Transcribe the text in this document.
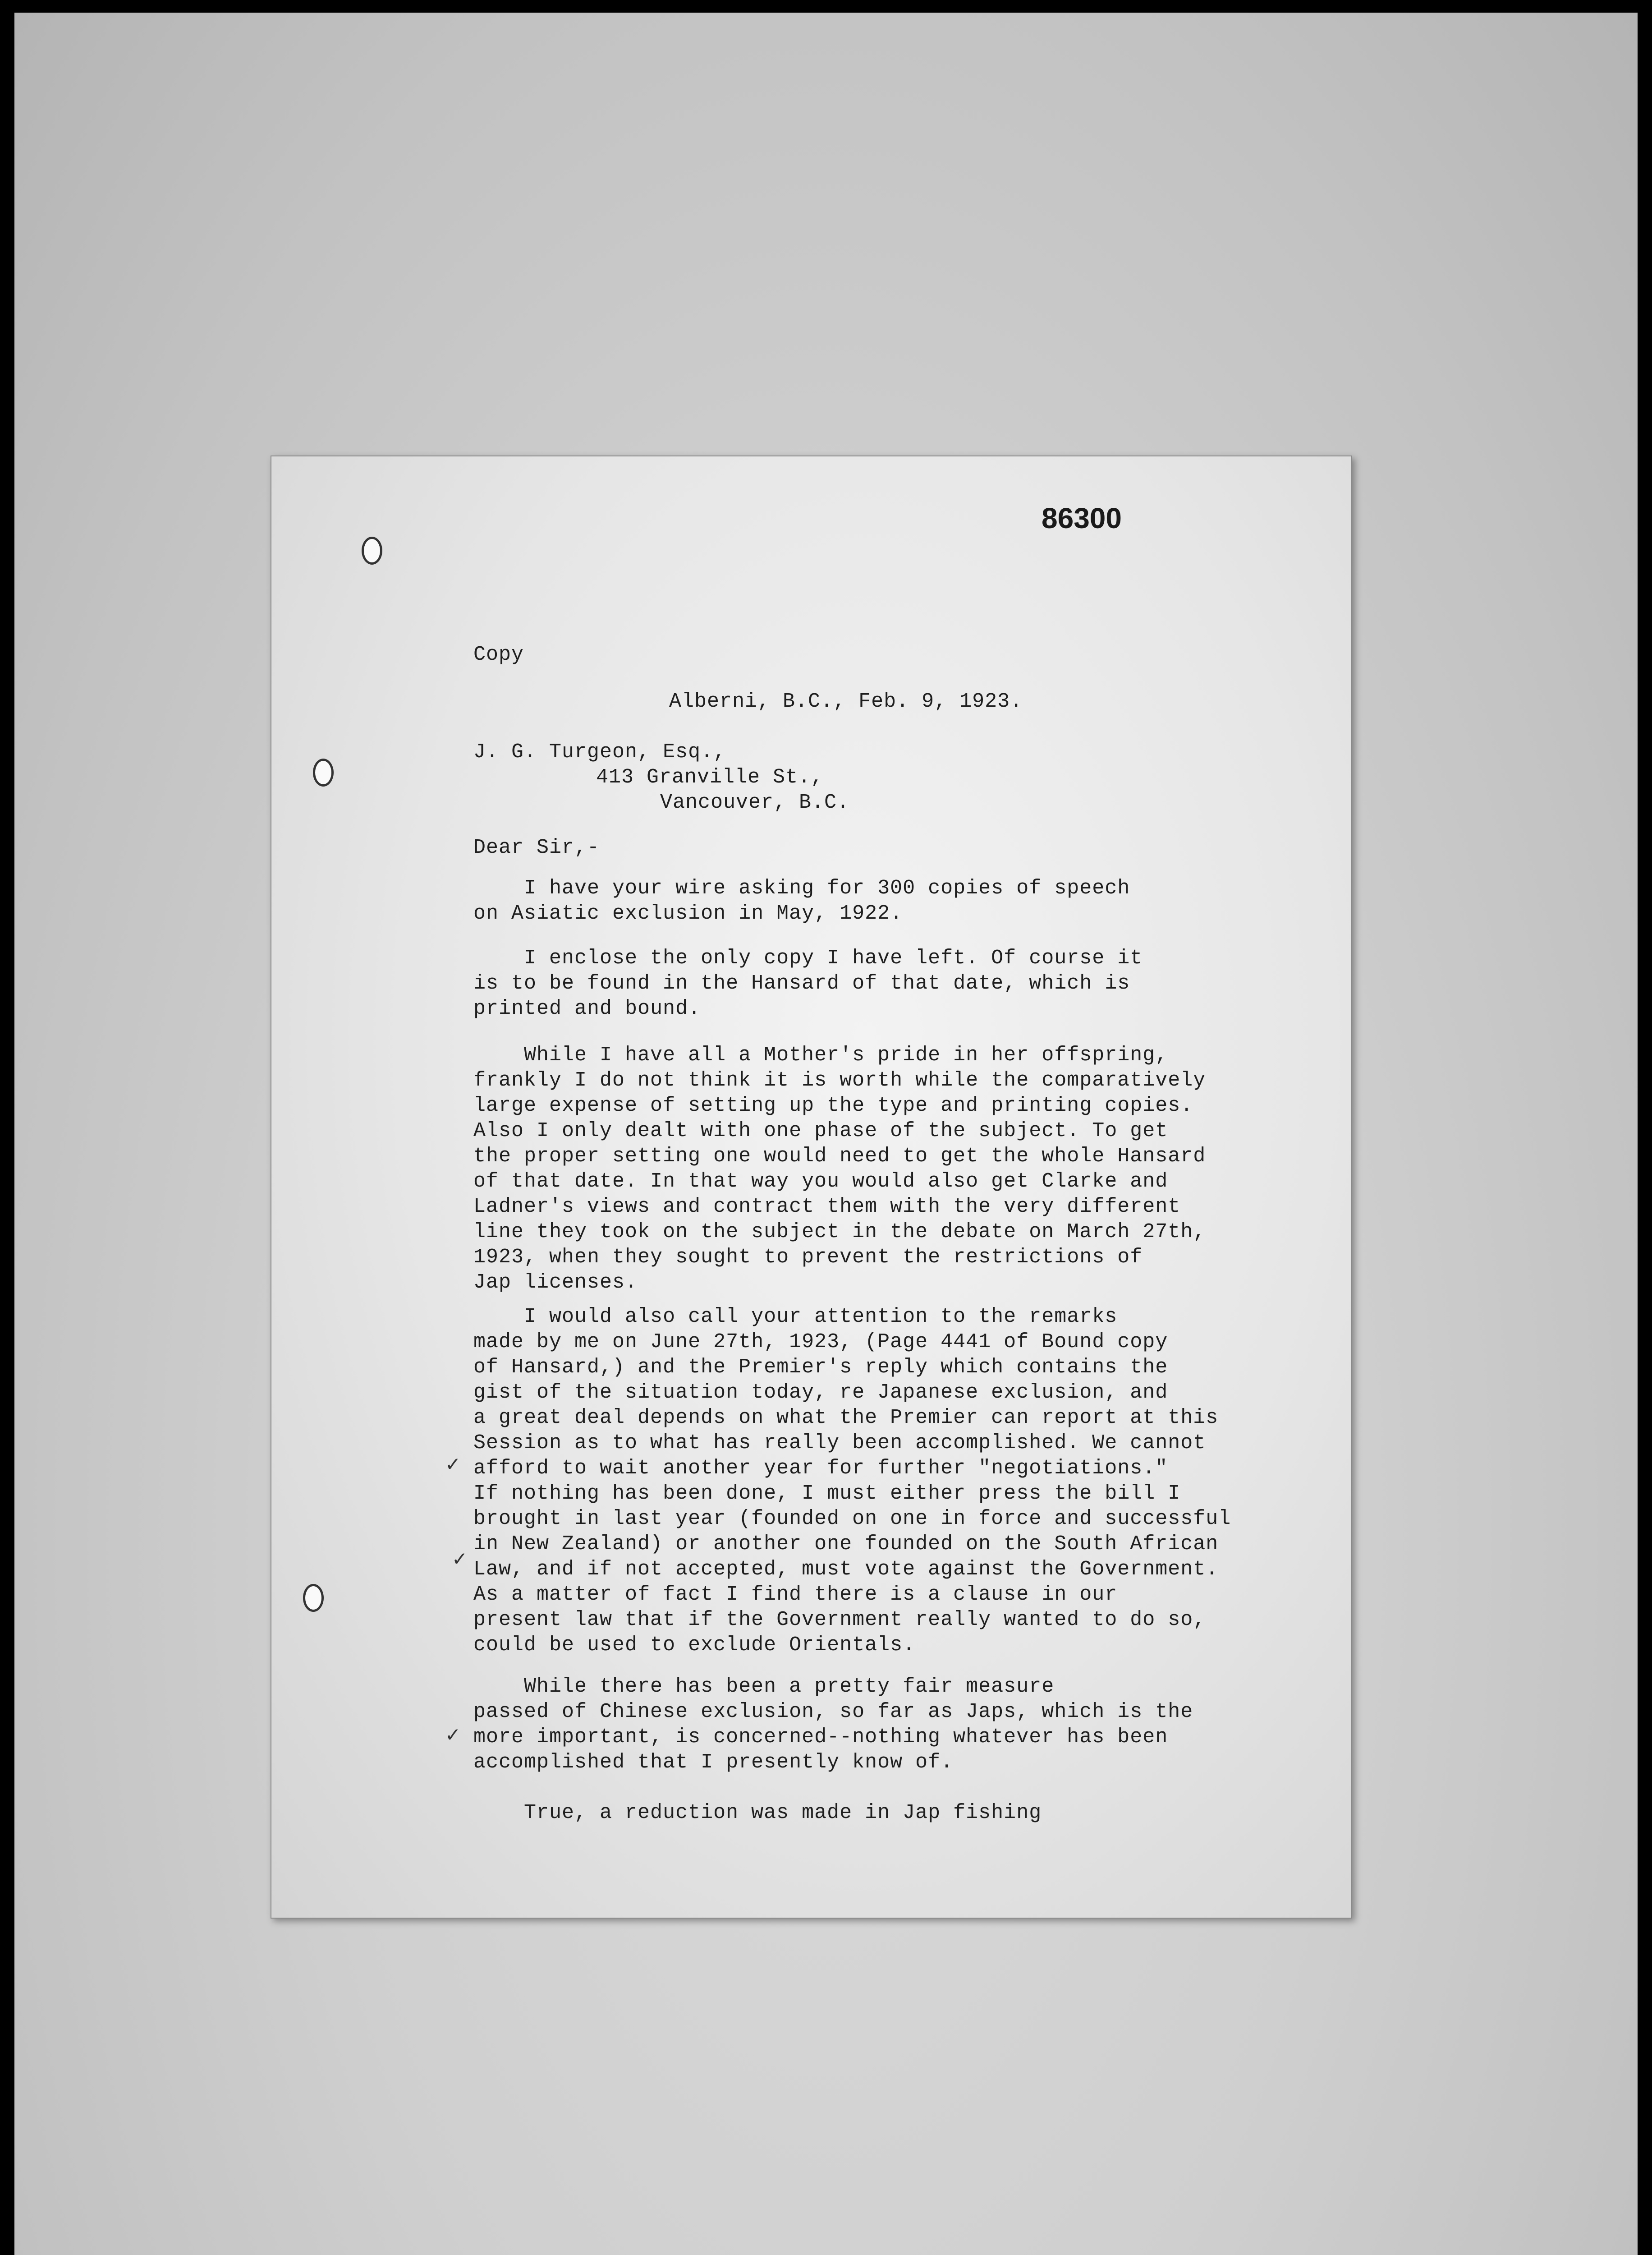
86300
Copy
Alberni, B.C., Feb. 9, 1923.
J. G. Turgeon, Esq.,
413 Granville St.,
Vancouver, B.C.
Dear Sir,-
I have your wire asking for 300 copies of speech
on Asiatic exclusion in May, 1922.
I enclose the only copy I have left. Of course it
is to be found in the Hansard of that date, which is
printed and bound.
While I have all a Mother's pride in her offspring,
frankly I do not think it is worth while the comparatively
large expense of setting up the type and printing copies.
Also I only dealt with one phase of the subject. To get
the proper setting one would need to get the whole Hansard
of that date. In that way you would also get Clarke and
Ladner's views and contract them with the very different
line they took on the subject in the debate on March 27th,
1923, when they sought to prevent the restrictions of
Jap licenses.
I would also call your attention to the remarks
made by me on June 27th, 1923, (Page 4441 of Bound copy
of Hansard,) and the Premier's reply which contains the
gist of the situation today, re Japanese exclusion, and
a great deal depends on what the Premier can report at this
Session as to what has really been accomplished. We cannot
afford to wait another year for further "negotiations."
If nothing has been done, I must either press the bill I
brought in last year (founded on one in force and successful
in New Zealand) or another one founded on the South African
Law, and if not accepted, must vote against the Government.
As a matter of fact I find there is a clause in our
present law that if the Government really wanted to do so,
could be used to exclude Orientals.
While there has been a pretty fair measure
passed of Chinese exclusion, so far as Japs, which is the
more important, is concerned--nothing whatever has been
accomplished that I presently know of.
True, a reduction was made in Jap fishing
✓
✓
✓
